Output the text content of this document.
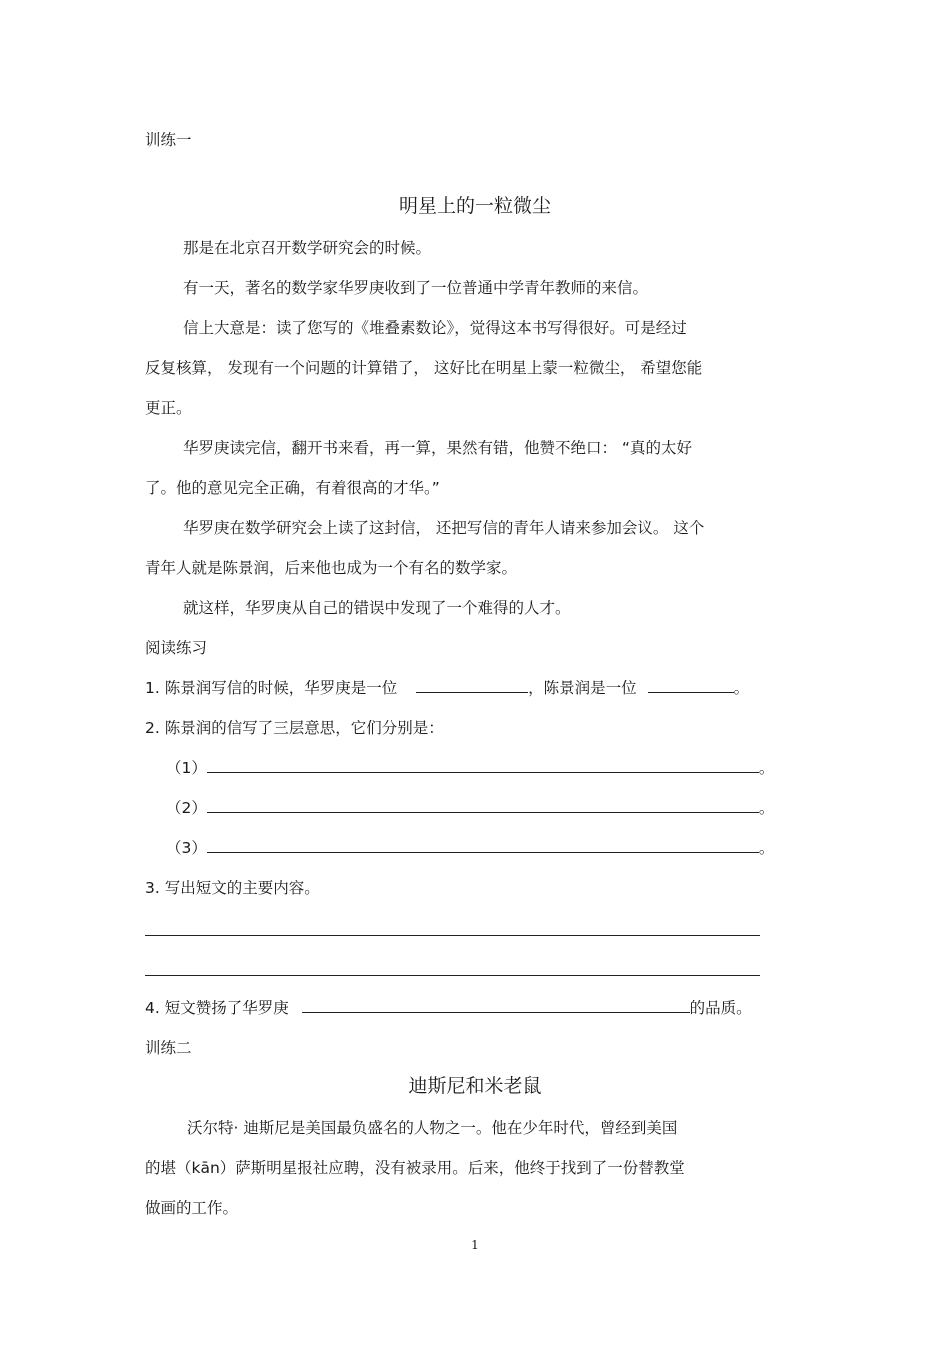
训练一
明星上的一粒微尘
那是在北京召开数学研究会的时候。
有一天，著名的数学家华罗庚收到了一位普通中学青年教师的来信。
信上大意是：读了您写的《堆叠素数论》，觉得这本书写得很好。可是经过
反复核算， 发现有一个问题的计算错了， 这好比在明星上蒙一粒微尘， 希望您能
更正。
华罗庚读完信，翻开书来看，再一算，果然有错，他赞不绝口： “真的太好
了。他的意见完全正确，有着很高的才华。”
华罗庚在数学研究会上读了这封信， 还把写信的青年人请来参加会议。 这个
青年人就是陈景润，后来他也成为一个有名的数学家。
就这样，华罗庚从自己的错误中发现了一个难得的人才。
阅读练习
1. 陈景润写信的时候，华罗庚是一位	，陈景润是一位	。
2. 陈景润的信写了三层意思，它们分别是：
（1）	。
（2）	。
（3）	。
3. 写出短文的主要内容。
4. 短文赞扬了华罗庚	的品质。
训练二
迪斯尼和米老鼠
沃尔特· 迪斯尼是美国最负盛名的人物之一。他在少年时代，曾经到美国
的堪（kān）萨斯明星报社应聘，没有被录用。后来，他终于找到了一份替教堂
做画的工作。
1
